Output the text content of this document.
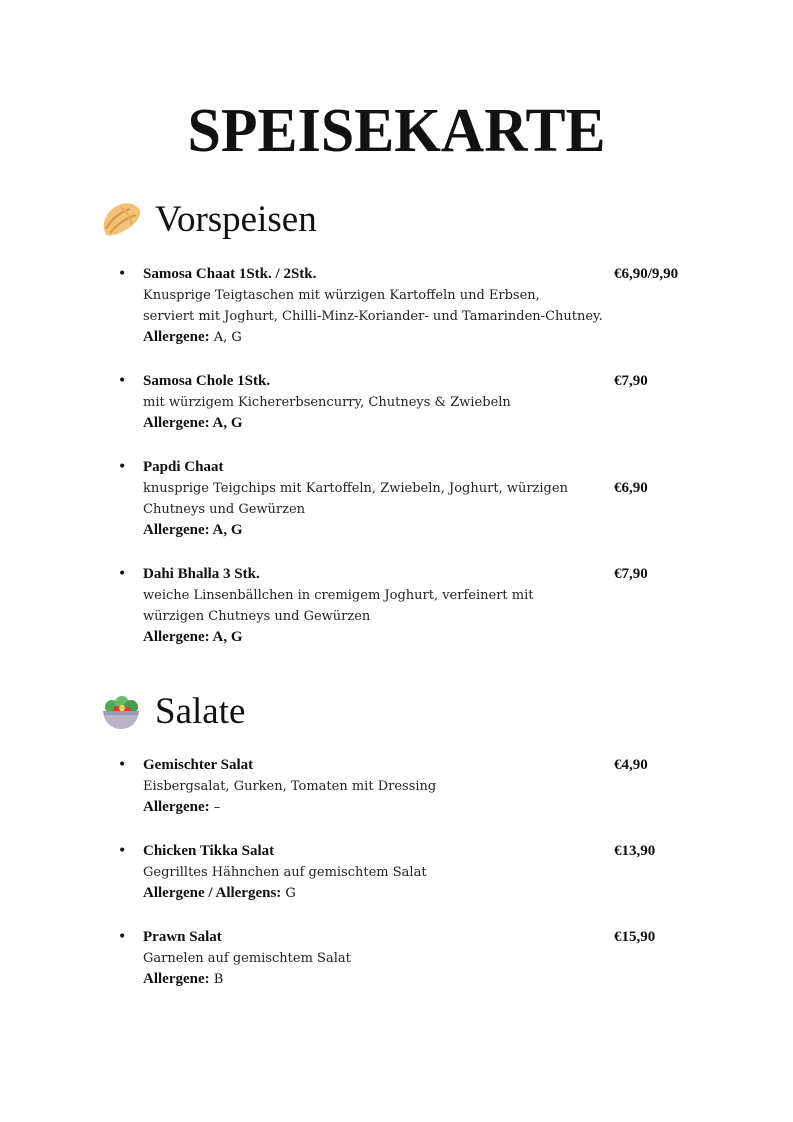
SPEISEKARTE
Vorspeisen
• Samosa Chaat 1Stk. / 2Stk.
Knusprige Teigtaschen mit würzigen Kartoffeln und Erbsen,
serviert mit Joghurt, Chilli-Minz-Koriander- und Tamarinden-Chutney.
Allergene: A, G
€6,90/9,90
• Samosa Chole 1Stk.
mit würzigem Kichererbsencurry, Chutneys & Zwiebeln
Allergene: A, G
€7,90
• Papdi Chaat
knusprige Teigchips mit Kartoffeln, Zwiebeln, Joghurt, würzigen
Chutneys und Gewürzen
Allergene: A, G
€6,90
• Dahi Bhalla 3 Stk.
weiche Linsenbällchen in cremigem Joghurt, verfeinert mit
würzigen Chutneys und Gewürzen
Allergene: A, G
€7,90
Salate
• Gemischter Salat
Eisbergsalat, Gurken, Tomaten mit Dressing
Allergene: –
€4,90
• Chicken Tikka Salat
Gegrilltes Hähnchen auf gemischtem Salat
Allergene / Allergens: G
€13,90
• Prawn Salat
Garnelen auf gemischtem Salat
Allergene: B
€15,90
